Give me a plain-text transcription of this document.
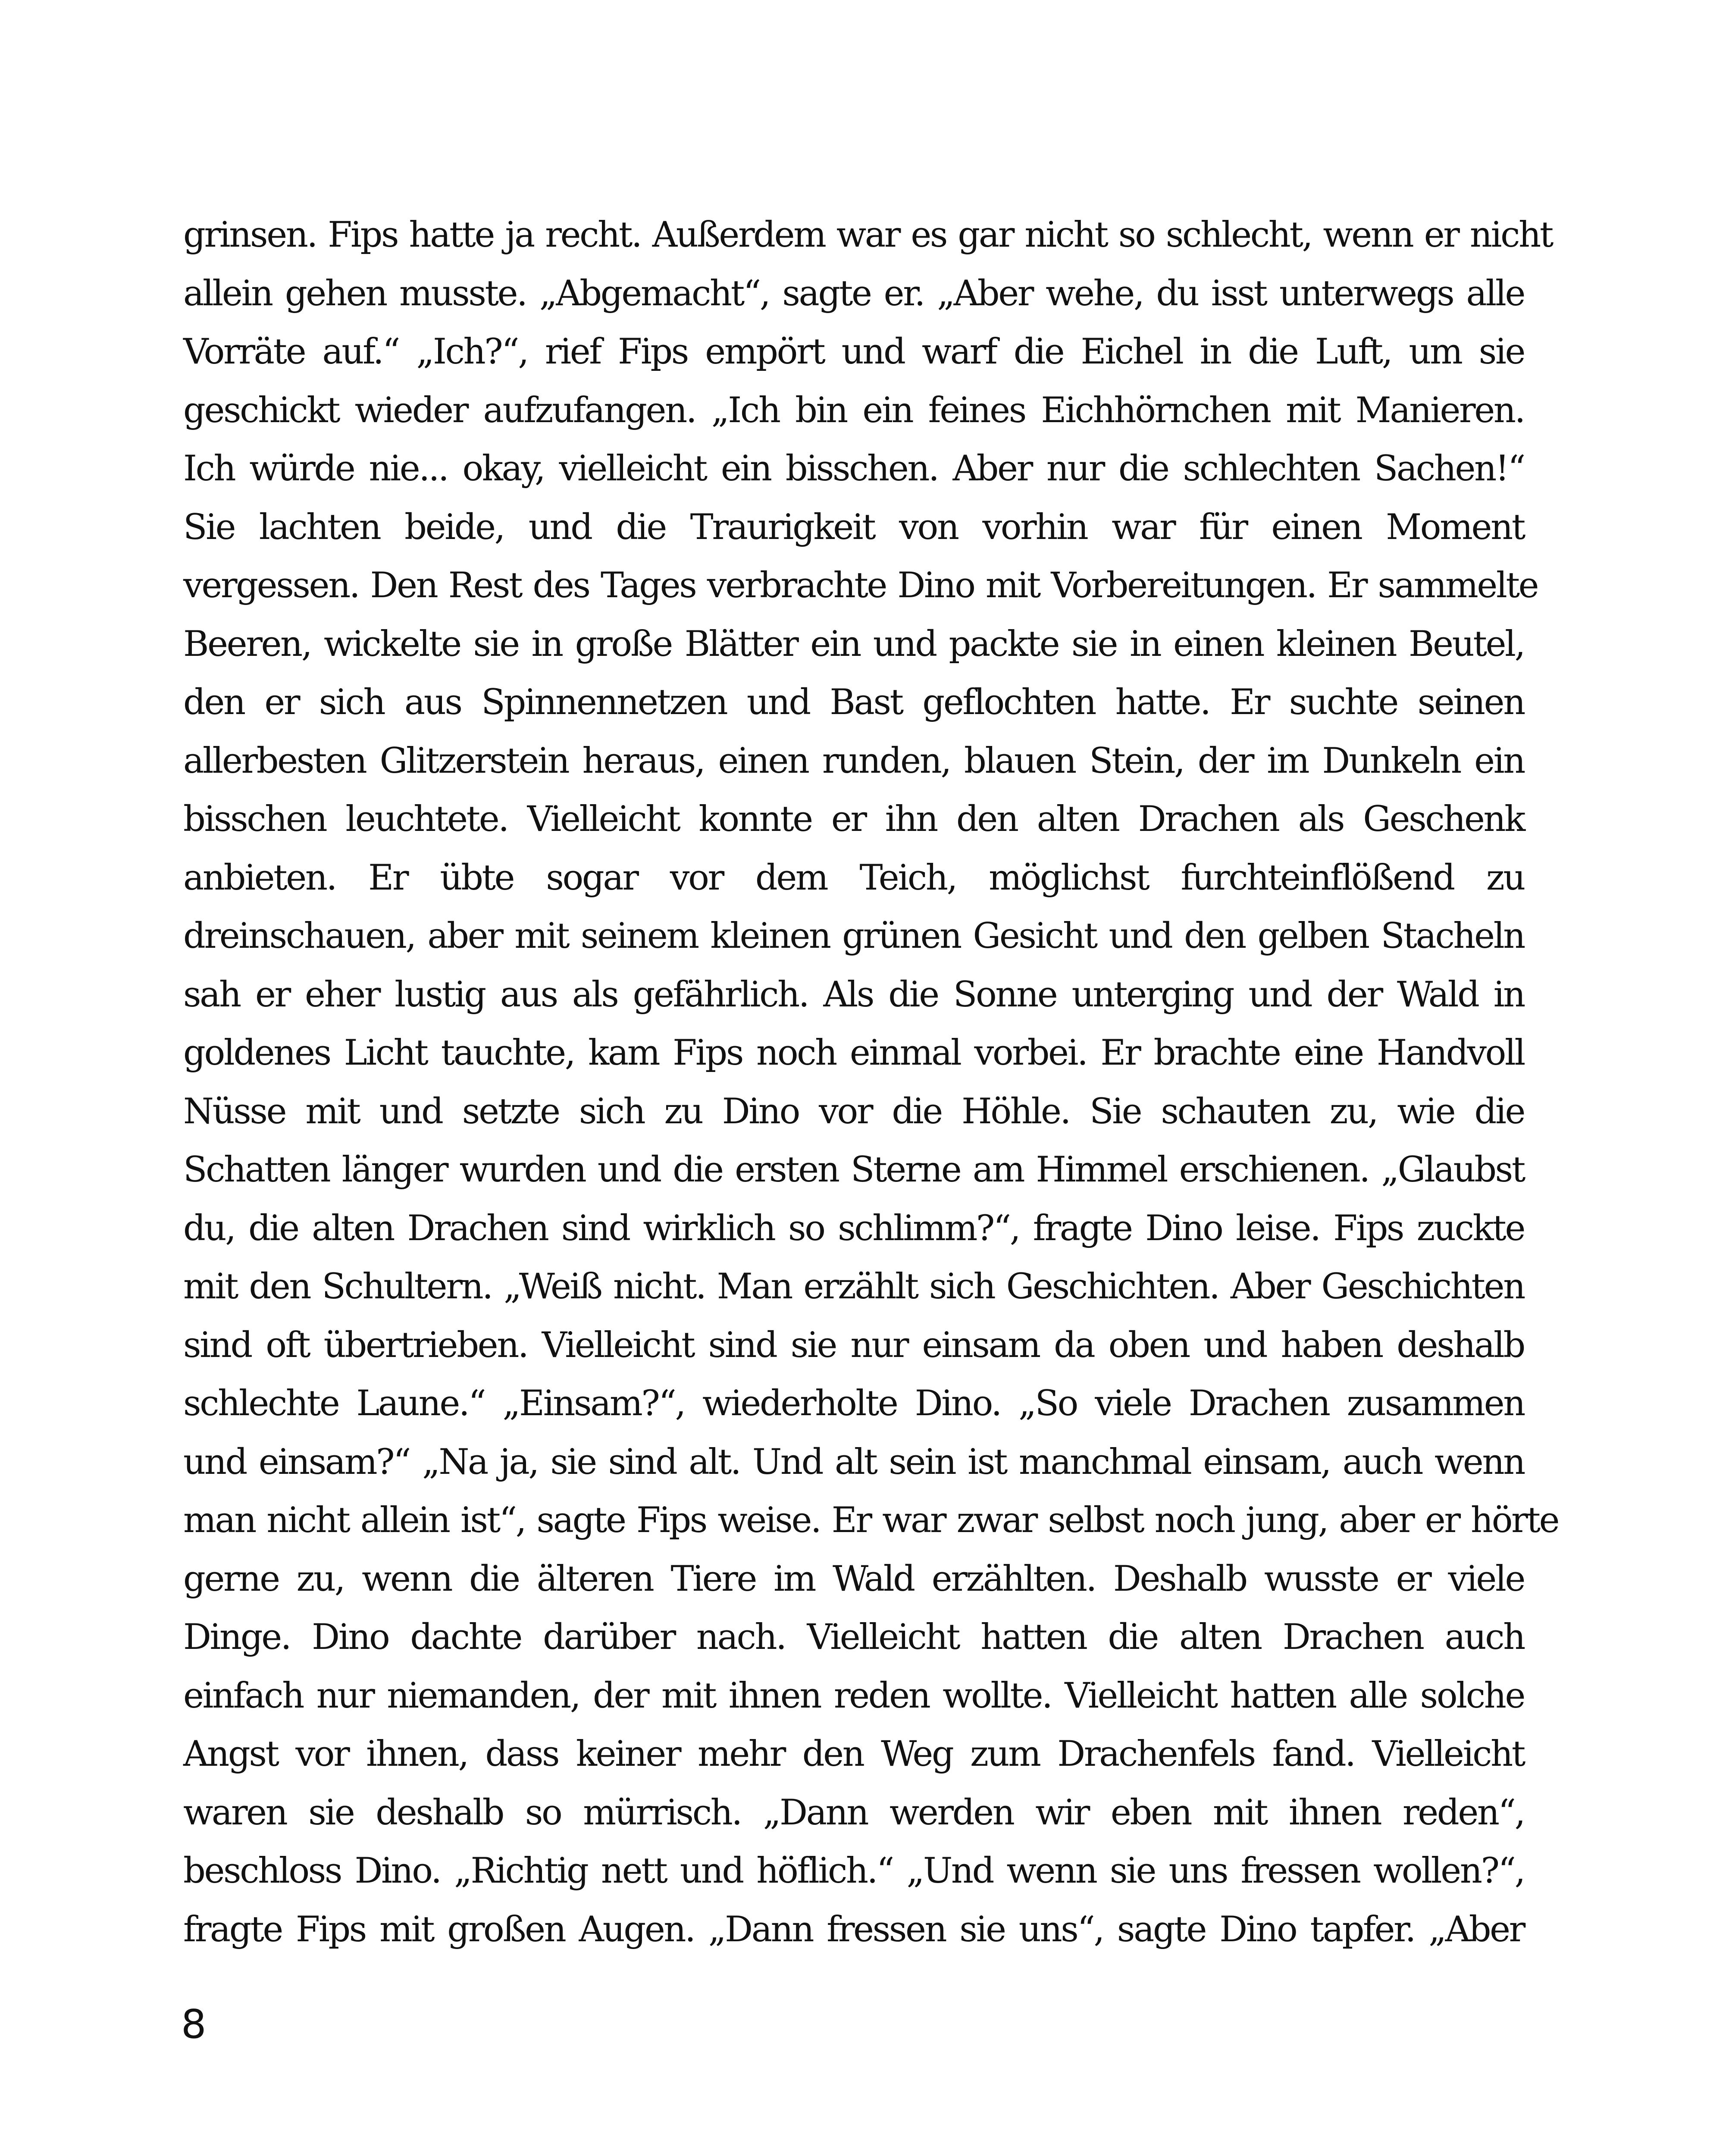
grinsen. Fips hatte ja recht. Außerdem war es gar nicht so schlecht, wenn er nicht
allein gehen musste. „Abgemacht“, sagte er. „Aber wehe, du isst unterwegs alle
Vorräte auf.“ „Ich?“, rief Fips empört und warf die Eichel in die Luft, um sie
geschickt wieder aufzufangen. „Ich bin ein feines Eichhörnchen mit Manieren.
Ich würde nie... okay, vielleicht ein bisschen. Aber nur die schlechten Sachen!“
Sie lachten beide, und die Traurigkeit von vorhin war für einen Moment
vergessen. Den Rest des Tages verbrachte Dino mit Vorbereitungen. Er sammelte
Beeren, wickelte sie in große Blätter ein und packte sie in einen kleinen Beutel,
den er sich aus Spinnennetzen und Bast geflochten hatte. Er suchte seinen
allerbesten Glitzerstein heraus, einen runden, blauen Stein, der im Dunkeln ein
bisschen leuchtete. Vielleicht konnte er ihn den alten Drachen als Geschenk
anbieten. Er übte sogar vor dem Teich, möglichst furchteinflößend zu
dreinschauen, aber mit seinem kleinen grünen Gesicht und den gelben Stacheln
sah er eher lustig aus als gefährlich. Als die Sonne unterging und der Wald in
goldenes Licht tauchte, kam Fips noch einmal vorbei. Er brachte eine Handvoll
Nüsse mit und setzte sich zu Dino vor die Höhle. Sie schauten zu, wie die
Schatten länger wurden und die ersten Sterne am Himmel erschienen. „Glaubst
du, die alten Drachen sind wirklich so schlimm?“, fragte Dino leise. Fips zuckte
mit den Schultern. „Weiß nicht. Man erzählt sich Geschichten. Aber Geschichten
sind oft übertrieben. Vielleicht sind sie nur einsam da oben und haben deshalb
schlechte Laune.“ „Einsam?“, wiederholte Dino. „So viele Drachen zusammen
und einsam?“ „Na ja, sie sind alt. Und alt sein ist manchmal einsam, auch wenn
man nicht allein ist“, sagte Fips weise. Er war zwar selbst noch jung, aber er hörte
gerne zu, wenn die älteren Tiere im Wald erzählten. Deshalb wusste er viele
Dinge. Dino dachte darüber nach. Vielleicht hatten die alten Drachen auch
einfach nur niemanden, der mit ihnen reden wollte. Vielleicht hatten alle solche
Angst vor ihnen, dass keiner mehr den Weg zum Drachenfels fand. Vielleicht
waren sie deshalb so mürrisch. „Dann werden wir eben mit ihnen reden“,
beschloss Dino. „Richtig nett und höflich.“ „Und wenn sie uns fressen wollen?“,
fragte Fips mit großen Augen. „Dann fressen sie uns“, sagte Dino tapfer. „Aber
8
